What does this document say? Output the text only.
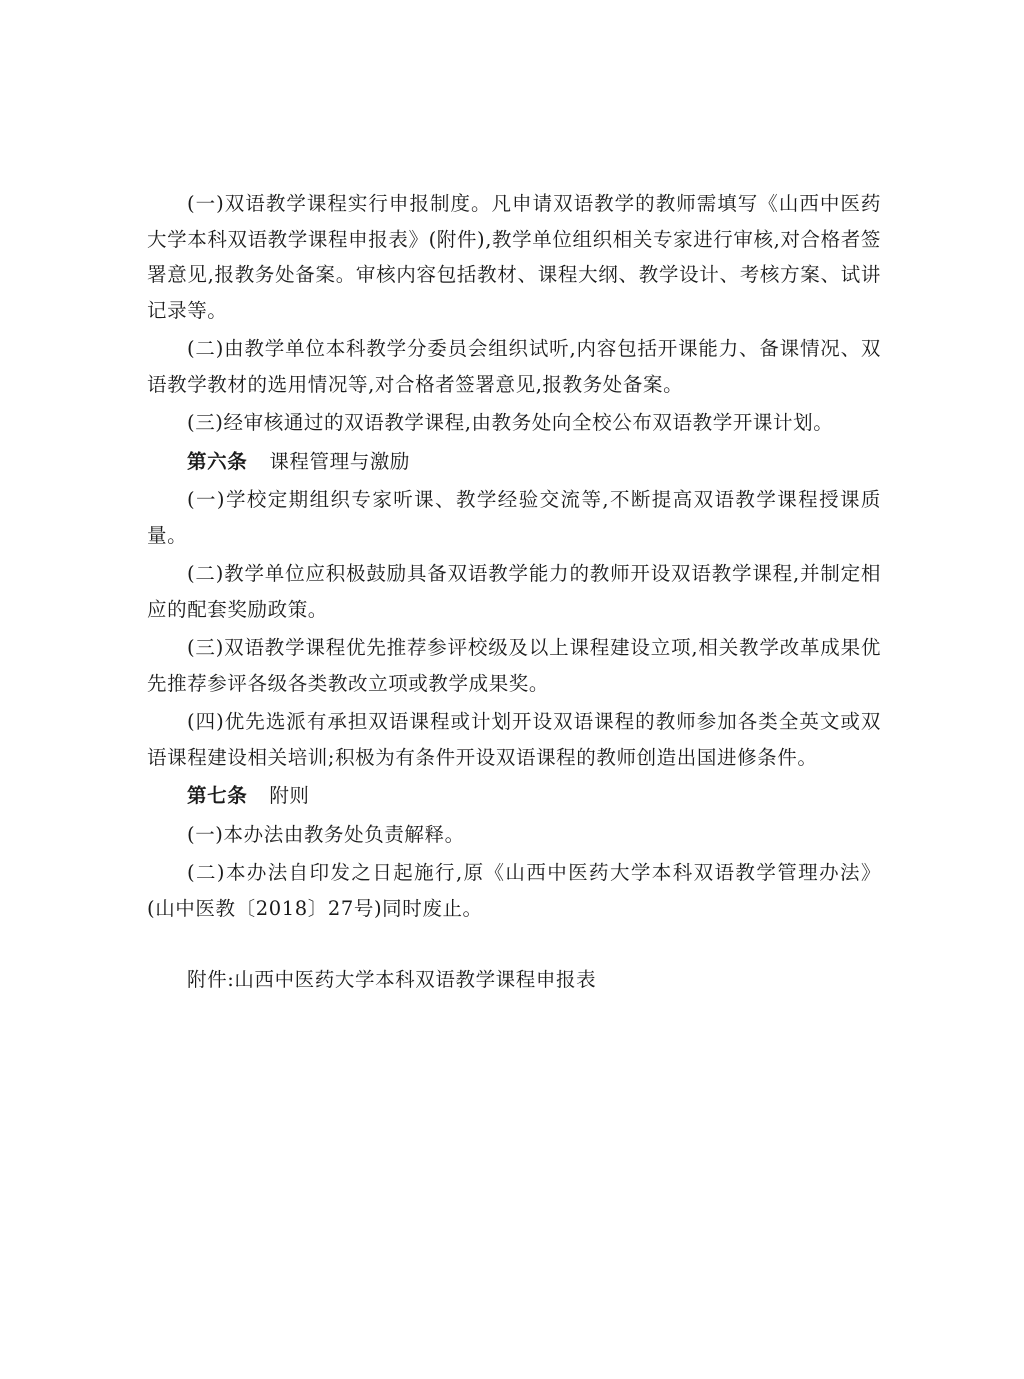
(一)双语教学课程实行申报制度。凡申请双语教学的教师需填写《山西中医药大学本科双语教学课程申报表》(附件),教学单位组织相关专家进行审核,对合格者签署意见,报教务处备案。审核内容包括教材、课程大纲、教学设计、考核方案、试讲记录等。

(二)由教学单位本科教学分委员会组织试听,内容包括开课能力、备课情况、双语教学教材的选用情况等,对合格者签署意见,报教务处备案。

(三)经审核通过的双语教学课程,由教务处向全校公布双语教学开课计划。

第六条 课程管理与激励

(一)学校定期组织专家听课、教学经验交流等,不断提高双语教学课程授课质量。

(二)教学单位应积极鼓励具备双语教学能力的教师开设双语教学课程,并制定相应的配套奖励政策。

(三)双语教学课程优先推荐参评校级及以上课程建设立项,相关教学改革成果优先推荐参评各级各类教改立项或教学成果奖。

(四)优先选派有承担双语课程或计划开设双语课程的教师参加各类全英文或双语课程建设相关培训;积极为有条件开设双语课程的教师创造出国进修条件。

第七条 附则

(一)本办法由教务处负责解释。

(二)本办法自印发之日起施行,原《山西中医药大学本科双语教学管理办法》(山中医教〔2018〕27号)同时废止。

附件:山西中医药大学本科双语教学课程申报表
